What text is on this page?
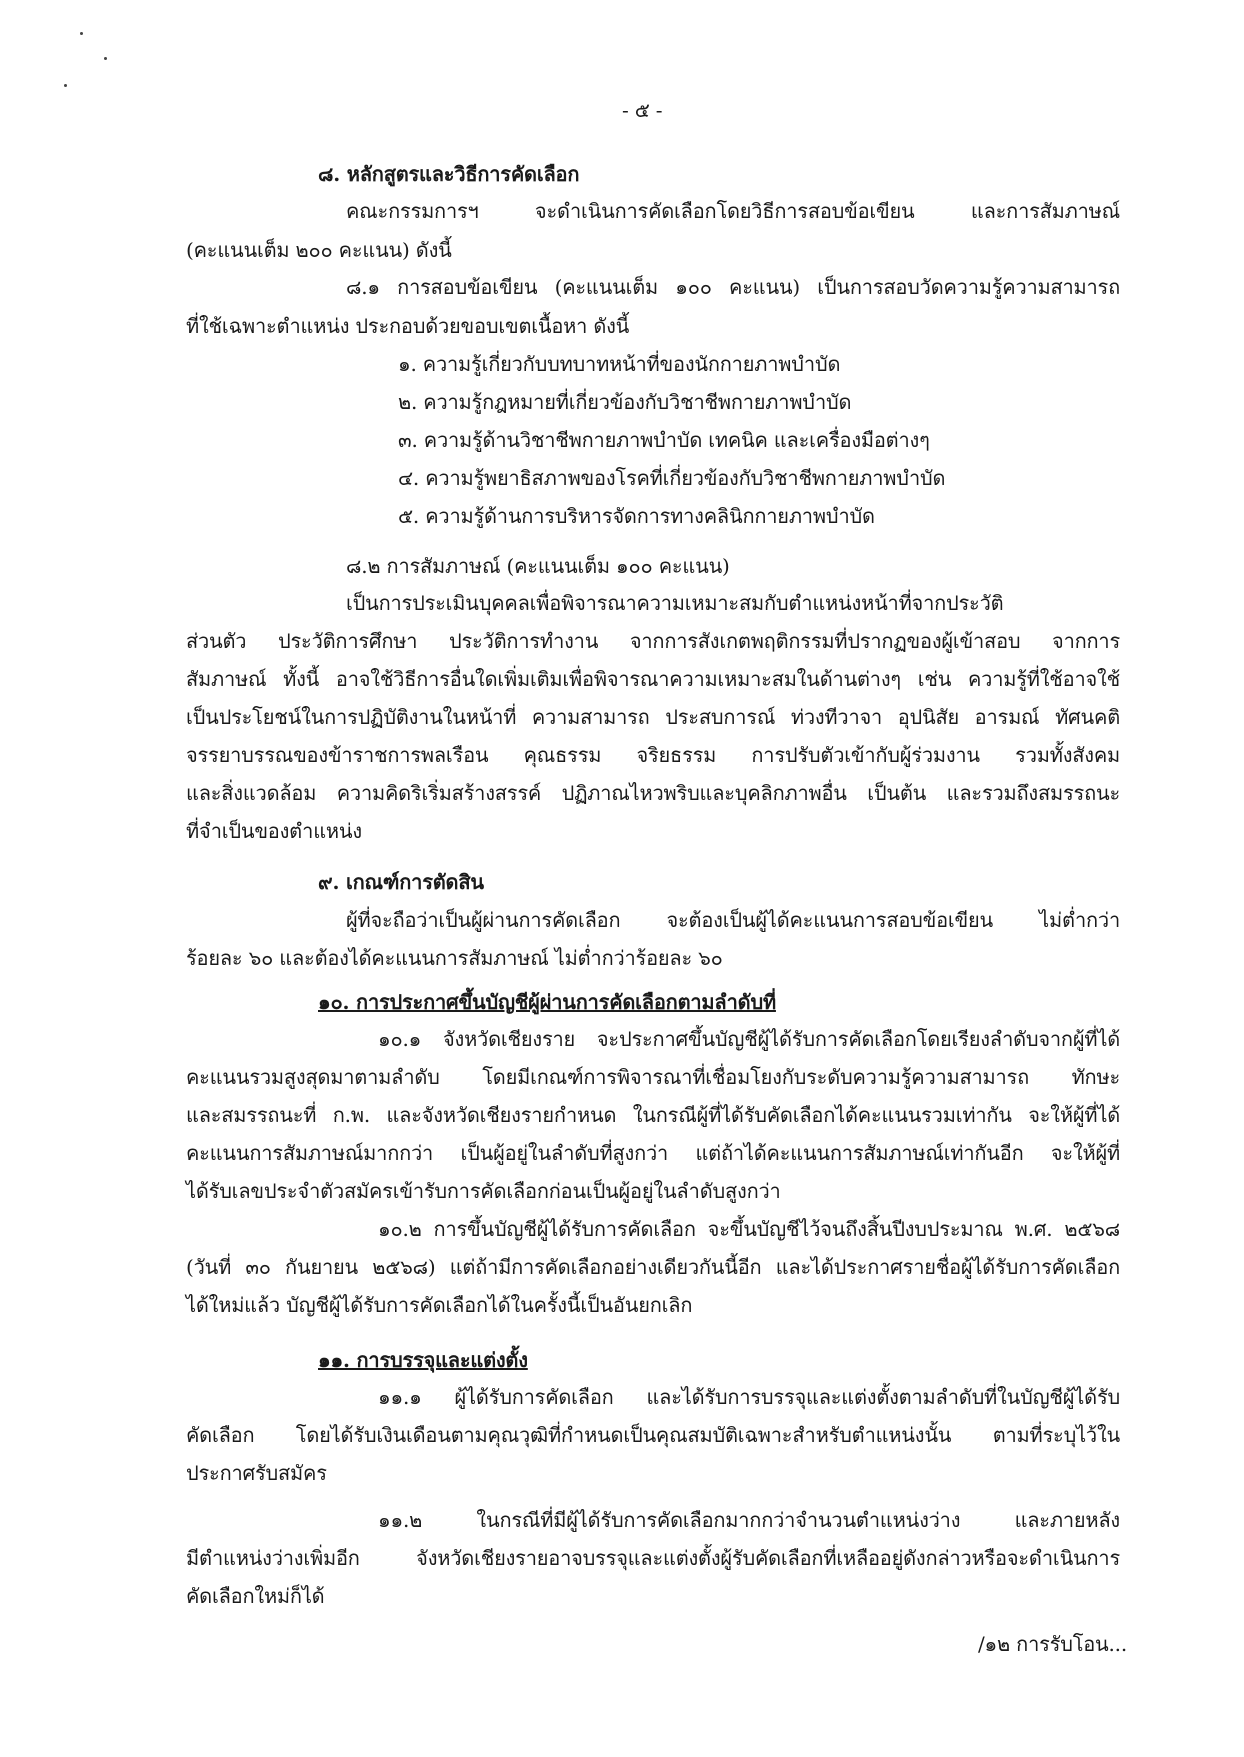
- ๕ -

๘. หลักสูตรและวิธีการคัดเลือก

คณะกรรมการฯ จะดำเนินการคัดเลือกโดยวิธีการสอบข้อเขียน และการสัมภาษณ์

(คะแนนเต็ม ๒๐๐ คะแนน) ดังนี้

๘.๑ การสอบข้อเขียน (คะแนนเต็ม ๑๐๐ คะแนน) เป็นการสอบวัดความรู้ความสามารถ

ที่ใช้เฉพาะตำแหน่ง ประกอบด้วยขอบเขตเนื้อหา ดังนี้

๑. ความรู้เกี่ยวกับบทบาทหน้าที่ของนักกายภาพบำบัด

๒. ความรู้กฎหมายที่เกี่ยวข้องกับวิชาชีพกายภาพบำบัด

๓. ความรู้ด้านวิชาชีพกายภาพบำบัด เทคนิค และเครื่องมือต่างๆ

๔. ความรู้พยาธิสภาพของโรคที่เกี่ยวข้องกับวิชาชีพกายภาพบำบัด

๕. ความรู้ด้านการบริหารจัดการทางคลินิกกายภาพบำบัด

๘.๒ การสัมภาษณ์ (คะแนนเต็ม ๑๐๐ คะแนน)

เป็นการประเมินบุคคลเพื่อพิจารณาความเหมาะสมกับตำแหน่งหน้าที่จากประวัติ

ส่วนตัว ประวัติการศึกษา ประวัติการทำงาน จากการสังเกตพฤติกรรมที่ปรากฏของผู้เข้าสอบ จากการ

สัมภาษณ์ ทั้งนี้ อาจใช้วิธีการอื่นใดเพิ่มเติมเพื่อพิจารณาความเหมาะสมในด้านต่างๆ เช่น ความรู้ที่ใช้อาจใช้

เป็นประโยชน์ในการปฏิบัติงานในหน้าที่ ความสามารถ ประสบการณ์ ท่วงทีวาจา อุปนิสัย อารมณ์ ทัศนคติ

จรรยาบรรณของข้าราชการพลเรือน คุณธรรม จริยธรรม การปรับตัวเข้ากับผู้ร่วมงาน รวมทั้งสังคม

และสิ่งแวดล้อม ความคิดริเริ่มสร้างสรรค์ ปฏิภาณไหวพริบและบุคลิกภาพอื่น เป็นต้น และรวมถึงสมรรถนะ

ที่จำเป็นของตำแหน่ง

๙. เกณฑ์การตัดสิน

ผู้ที่จะถือว่าเป็นผู้ผ่านการคัดเลือก จะต้องเป็นผู้ได้คะแนนการสอบข้อเขียน ไม่ต่ำกว่า

ร้อยละ ๖๐ และต้องได้คะแนนการสัมภาษณ์ ไม่ต่ำกว่าร้อยละ ๖๐

๑๐. การประกาศขึ้นบัญชีผู้ผ่านการคัดเลือกตามลำดับที่

๑๐.๑ จังหวัดเชียงราย จะประกาศขึ้นบัญชีผู้ได้รับการคัดเลือกโดยเรียงลำดับจากผู้ที่ได้

คะแนนรวมสูงสุดมาตามลำดับ โดยมีเกณฑ์การพิจารณาที่เชื่อมโยงกับระดับความรู้ความสามารถ ทักษะ

และสมรรถนะที่ ก.พ. และจังหวัดเชียงรายกำหนด ในกรณีผู้ที่ได้รับคัดเลือกได้คะแนนรวมเท่ากัน จะให้ผู้ที่ได้

คะแนนการสัมภาษณ์มากกว่า เป็นผู้อยู่ในลำดับที่สูงกว่า แต่ถ้าได้คะแนนการสัมภาษณ์เท่ากันอีก จะให้ผู้ที่

ได้รับเลขประจำตัวสมัครเข้ารับการคัดเลือกก่อนเป็นผู้อยู่ในลำดับสูงกว่า

๑๐.๒ การขึ้นบัญชีผู้ได้รับการคัดเลือก จะขึ้นบัญชีไว้จนถึงสิ้นปีงบประมาณ พ.ศ. ๒๕๖๘

(วันที่ ๓๐ กันยายน ๒๕๖๘) แต่ถ้ามีการคัดเลือกอย่างเดียวกันนี้อีก และได้ประกาศรายชื่อผู้ได้รับการคัดเลือก

ได้ใหม่แล้ว บัญชีผู้ได้รับการคัดเลือกได้ในครั้งนี้เป็นอันยกเลิก

๑๑. การบรรจุและแต่งตั้ง

๑๑.๑ ผู้ได้รับการคัดเลือก และได้รับการบรรจุและแต่งตั้งตามลำดับที่ในบัญชีผู้ได้รับ

คัดเลือก โดยได้รับเงินเดือนตามคุณวุฒิที่กำหนดเป็นคุณสมบัติเฉพาะสำหรับตำแหน่งนั้น ตามที่ระบุไว้ใน

ประกาศรับสมัคร

๑๑.๒ ในกรณีที่มีผู้ได้รับการคัดเลือกมากกว่าจำนวนตำแหน่งว่าง และภายหลัง

มีตำแหน่งว่างเพิ่มอีก จังหวัดเชียงรายอาจบรรจุและแต่งตั้งผู้รับคัดเลือกที่เหลืออยู่ดังกล่าวหรือจะดำเนินการ

คัดเลือกใหม่ก็ได้

/๑๒ การรับโอน...
